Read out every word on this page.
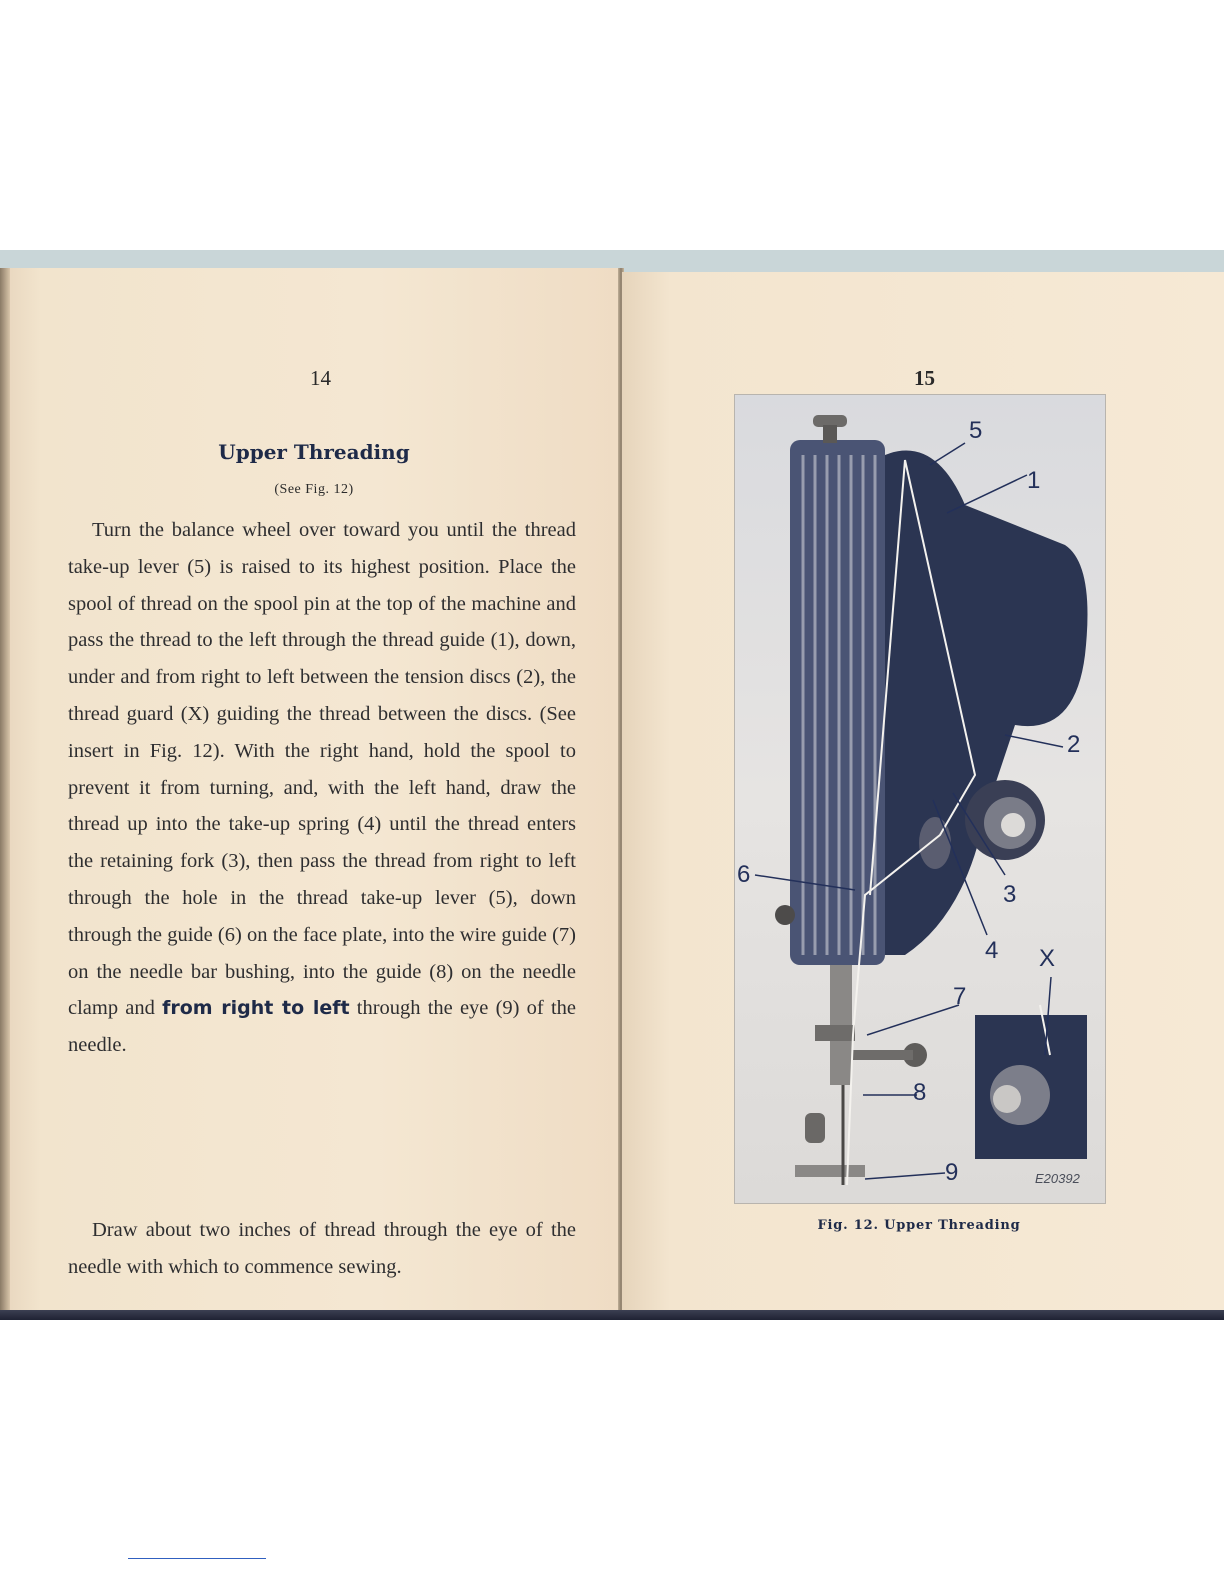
14
Upper Threading
(See Fig. 12)
Turn the balance wheel over toward you until the thread take-up lever (5) is raised to its highest position. Place the spool of thread on the spool pin at the top of the machine and pass the thread to the left through the thread guide (1), down, under and from right to left between the tension discs (2), the thread guard (X) guiding the thread between the discs. (See insert in Fig. 12). With the right hand, hold the spool to prevent it from turning, and, with the left hand, draw the thread up into the take-up spring (4) until the thread enters the retaining fork (3), then pass the thread from right to left through the hole in the thread take-up lever (5), down through the guide (6) on the face plate, into the wire guide (7) on the needle bar bushing, into the guide (8) on the needle clamp and from right to left through the eye (9) of the needle.
Draw about two inches of thread through the eye of the needle with which to commence sewing.
15
5
1
2
3
4 X
6
7
8
9	E20392
Fig. 12. Upper Threading
